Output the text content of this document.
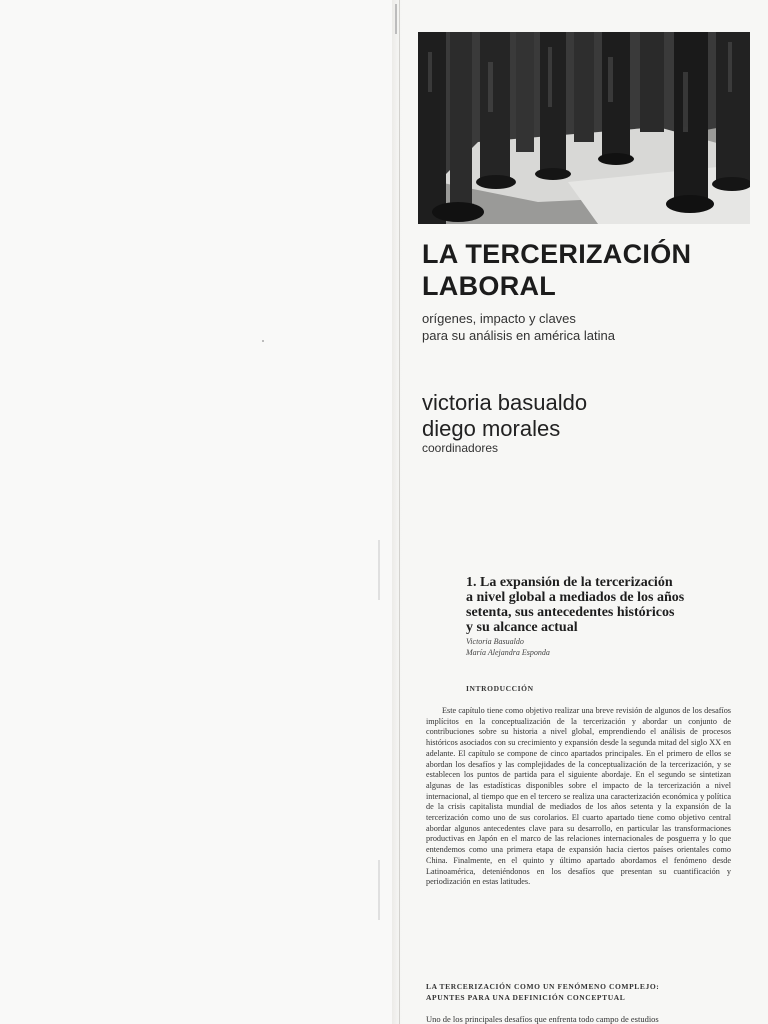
LA TERCERIZACIÓN
LABORAL
orígenes, impacto y claves
para su análisis en américa latina
victoria basualdo
diego morales
coordinadores
1. La expansión de la tercerización
a nivel global a mediados de los años
setenta, sus antecedentes históricos
y su alcance actual
Victoria Basualdo
María Alejandra Esponda
INTRODUCCIÓN

Este capítulo tiene como objetivo realizar una breve revisión de algunos de los desafíos implícitos en la conceptualización de la tercerización y abordar un conjunto de contribuciones sobre su historia a nivel global, emprendiendo el análisis de procesos históricos asociados con su crecimiento y expansión desde la segunda mitad del siglo XX en adelante. El capítulo se compone de cinco apartados principales. En el primero de ellos se abordan los desafíos y las complejidades de la conceptualización de la tercerización, y se establecen los puntos de partida para el siguiente abordaje. En el segundo se sintetizan algunas de las estadísticas disponibles sobre el impacto de la tercerización a nivel internacional, al tiempo que en el tercero se realiza una caracterización económica y política de la crisis capitalista mundial de mediados de los años setenta y la expansión de la tercerización como uno de sus corolarios. El cuarto apartado tiene como objetivo central abordar algunos antecedentes clave para su desarrollo, en particular las transformaciones productivas en Japón en el marco de las relaciones internacionales de posguerra y lo que entendemos como una primera etapa de expansión hacia ciertos países orientales como China. Finalmente, en el quinto y último apartado abordamos el fenómeno desde Latinoamérica, deteniéndonos en los desafíos que presentan su cuantificación y periodización en estas latitudes.

LA TERCERIZACIÓN COMO UN FENÓMENO COMPLEJO:
APUNTES PARA UNA DEFINICIÓN CONCEPTUAL
Uno de los principales desafíos que enfrenta todo campo de estudios
